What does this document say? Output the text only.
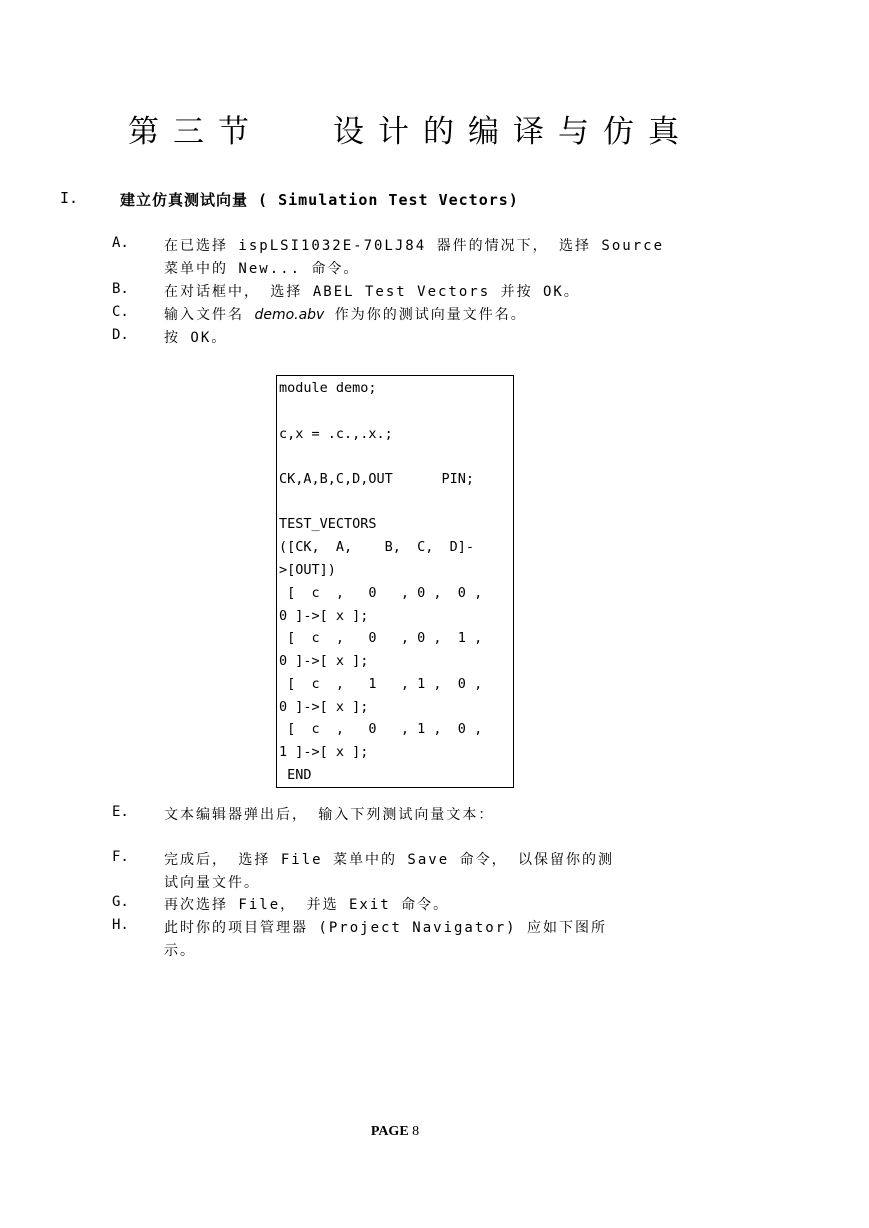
第三节 设计的编译与仿真
I.	建立仿真测试向量 ( Simulation Test Vectors)
A.	在已选择 ispLSI1032E-70LJ84 器件的情况下， 选择 Source
菜单中的 New... 命令。
B.	在对话框中， 选择 ABEL Test Vectors 并按 OK。
C.	输入文件名 demo.abv 作为你的测试向量文件名。
D.	按 OK。
module demo;
c,x = .c.,.x.;
CK,A,B,C,D,OUT      PIN;
TEST_VECTORS
([CK,  A,    B,  C,  D]-
>[OUT])
[  c  ,   0   , 0 ,  0 ,
0 ]->[ x ];
[  c  ,   0   , 0 ,  1 ,
0 ]->[ x ];
[  c  ,   1   , 1 ,  0 ,
0 ]->[ x ];
[  c  ,   0   , 1 ,  0 ,
1 ]->[ x ];
END
E.	文本编辑器弹出后， 输入下列测试向量文本：
F.	完成后， 选择 File 菜单中的 Save 命令， 以保留你的测
试向量文件。
G.	再次选择 File， 并选 Exit 命令。
H.	此时你的项目管理器 (Project Navigator) 应如下图所
示。
PAGE 8
